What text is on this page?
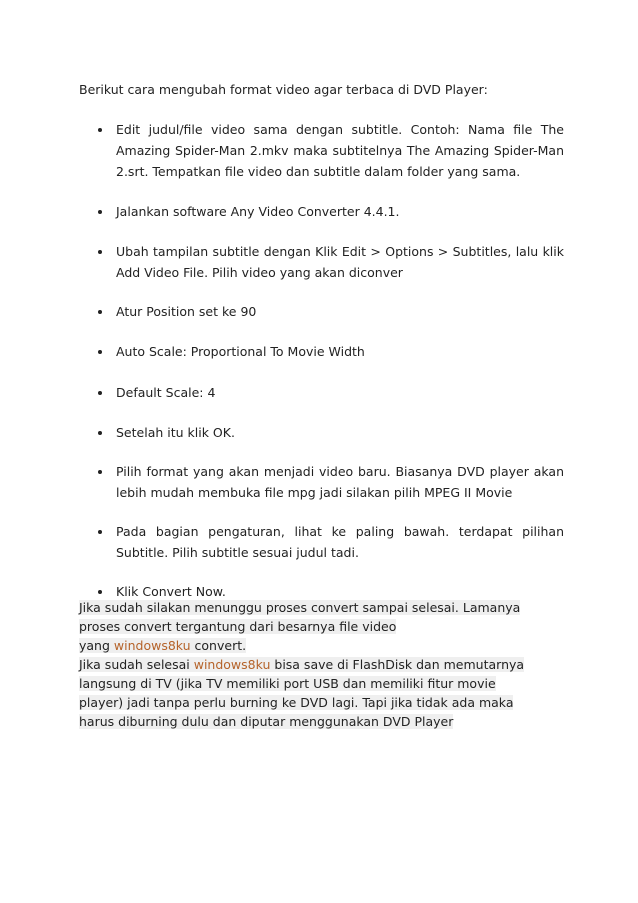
Berikut cara mengubah format video agar terbaca di DVD Player:

Edit judul/file video sama dengan subtitle. Contoh: Nama file The Amazing Spider-Man 2.mkv maka subtitelnya The Amazing Spider-Man 2.srt. Tempatkan file video dan subtitle dalam folder yang sama.
Jalankan software Any Video Converter 4.4.1.
Ubah tampilan subtitle dengan Klik Edit > Options > Subtitles, lalu klik Add Video File. Pilih video yang akan diconver
Atur Position set ke 90
Auto Scale: Proportional To Movie Width
Default Scale: 4
Setelah itu klik OK.
Pilih format yang akan menjadi video baru. Biasanya DVD player akan lebih mudah membuka file mpg jadi silakan pilih MPEG II Movie
Pada bagian pengaturan, lihat ke paling bawah. terdapat pilihan Subtitle. Pilih subtitle sesuai judul tadi.
Klik Convert Now.

Jika sudah silakan menunggu proses convert sampai selesai. Lamanya
proses convert tergantung dari besarnya file video
yang windows8ku convert.

Jika sudah selesai windows8ku bisa save di FlashDisk dan memutarnya
langsung di TV (jika TV memiliki port USB dan memiliki fitur movie
player) jadi tanpa perlu burning ke DVD lagi. Tapi jika tidak ada maka
harus diburning dulu dan diputar menggunakan DVD Player
